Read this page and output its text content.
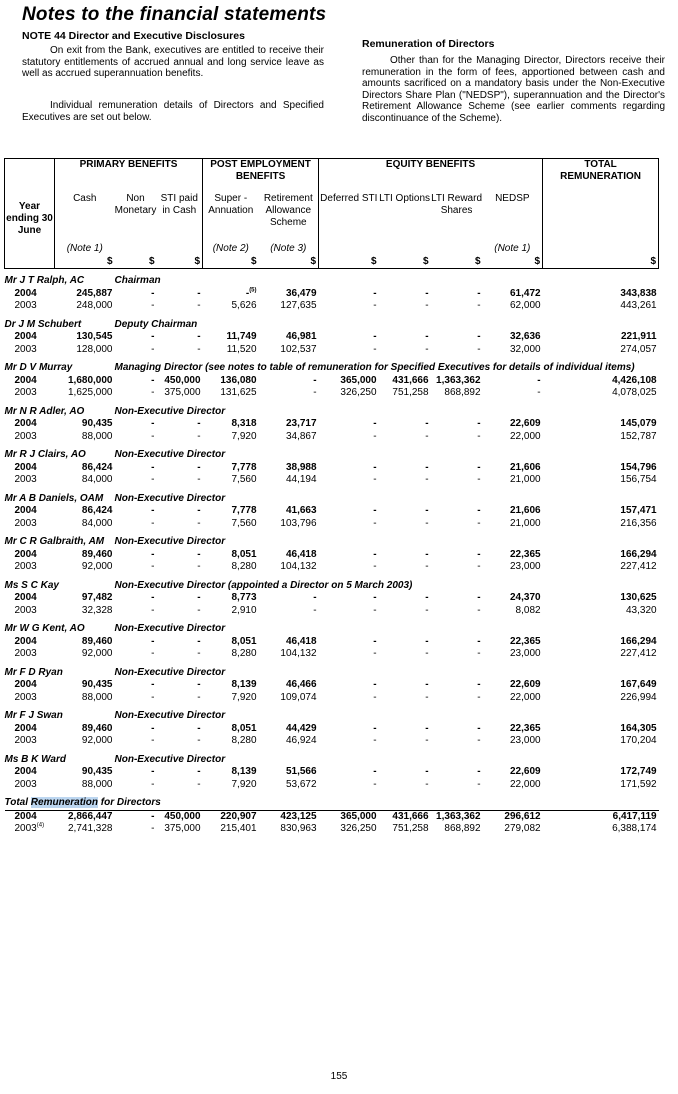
Notes to the financial statements
NOTE 44 Director and Executive Disclosures
On exit from the Bank, executives are entitled to receive their statutory entitlements of accrued annual and long service leave as well as accrued superannuation benefits.
Individual remuneration details of Directors and Specified Executives are set out below.
Remuneration of Directors
Other than for the Managing Director, Directors receive their remuneration in the form of fees, apportioned between cash and amounts sacrificed on a mandatory basis under the Non-Executive Directors Share Plan ("NEDSP"), superannuation and the Director's Retirement Allowance Scheme (see earlier comments regarding discontinuance of the Scheme).
	PRIMARY BENEFITS			POST EMPLOYMENT BENEFITS		EQUITY BENEFITS				TOTAL REMUNERATION
Year ending 30 June	Cash	Non Monetary	STI paid in Cash	Super - Annuation	Retirement Allowance Scheme	Deferred STI	LTI Options	LTI Reward Shares	NEDSP	
	(Note 1)			(Note 2)	(Note 3)				(Note 1)	
	$	$	$	$	$	$	$	$	$	$
Mr J T Ralph, AC		Chairman								
2004	245,887	-	-	-$^{(5)}$	36,479	-	-	-	61,472	343,838
2003	248,000	-	-	5,626	127,635	-	-	-	62,000	443,261
Dr J M Schubert		Deputy Chairman								
2004	130,545	-	-	11,749	46,981	-	-	-	32,636	221,911
2003	128,000	-	-	11,520	102,537	-	-	-	32,000	274,057
Mr D V Murray		Managing Director (see notes to table of remuneration for Specified Executives for details of individual items)								
2004	1,680,000	-	450,000	136,080	-	365,000	431,666	1,363,362	-	4,426,108
2003	1,625,000	-	375,000	131,625	-	326,250	751,258	868,892	-	4,078,025
Mr N R Adler, AO		Non-Executive Director								
2004	90,435	-	-	8,318	23,717	-	-	-	22,609	145,079
2003	88,000	-	-	7,920	34,867	-	-	-	22,000	152,787
Mr R J Clairs, AO		Non-Executive Director								
2004	86,424	-	-	7,778	38,988	-	-	-	21,606	154,796
2003	84,000	-	-	7,560	44,194	-	-	-	21,000	156,754
Mr A B Daniels, OAM		Non-Executive Director								
2004	86,424	-	-	7,778	41,663	-	-	-	21,606	157,471
2003	84,000	-	-	7,560	103,796	-	-	-	21,000	216,356
Mr C R Galbraith, AM		Non-Executive Director								
2004	89,460	-	-	8,051	46,418	-	-	-	22,365	166,294
2003	92,000	-	-	8,280	104,132	-	-	-	23,000	227,412
Ms S C Kay		Non-Executive Director (appointed a Director on 5 March 2003)								
2004	97,482	-	-	8,773	-	-	-	-	24,370	130,625
2003	32,328	-	-	2,910	-	-	-	-	8,082	43,320
Mr W G Kent, AO		Non-Executive Director								
2004	89,460	-	-	8,051	46,418	-	-	-	22,365	166,294
2003	92,000	-	-	8,280	104,132	-	-	-	23,000	227,412
Mr F D Ryan		Non-Executive Director								
2004	90,435	-	-	8,139	46,466	-	-	-	22,609	167,649
2003	88,000	-	-	7,920	109,074	-	-	-	22,000	226,994
Mr F J Swan		Non-Executive Director								
2004	89,460	-	-	8,051	44,429	-	-	-	22,365	164,305
2003	92,000	-	-	8,280	46,924	-	-	-	23,000	170,204
Ms B K Ward		Non-Executive Director								
2004	90,435	-	-	8,139	51,566	-	-	-	22,609	172,749
2003	88,000	-	-	7,920	53,672	-	-	-	22,000	171,592
Total Remuneration for Directors										
2004	2,866,447	-	450,000	220,907	423,125	365,000	431,666	1,363,362	296,612	6,417,119
2003$^{(4)}$	2,741,328	-	375,000	215,401	830,963	326,250	751,258	868,892	279,082	6,388,174
155
